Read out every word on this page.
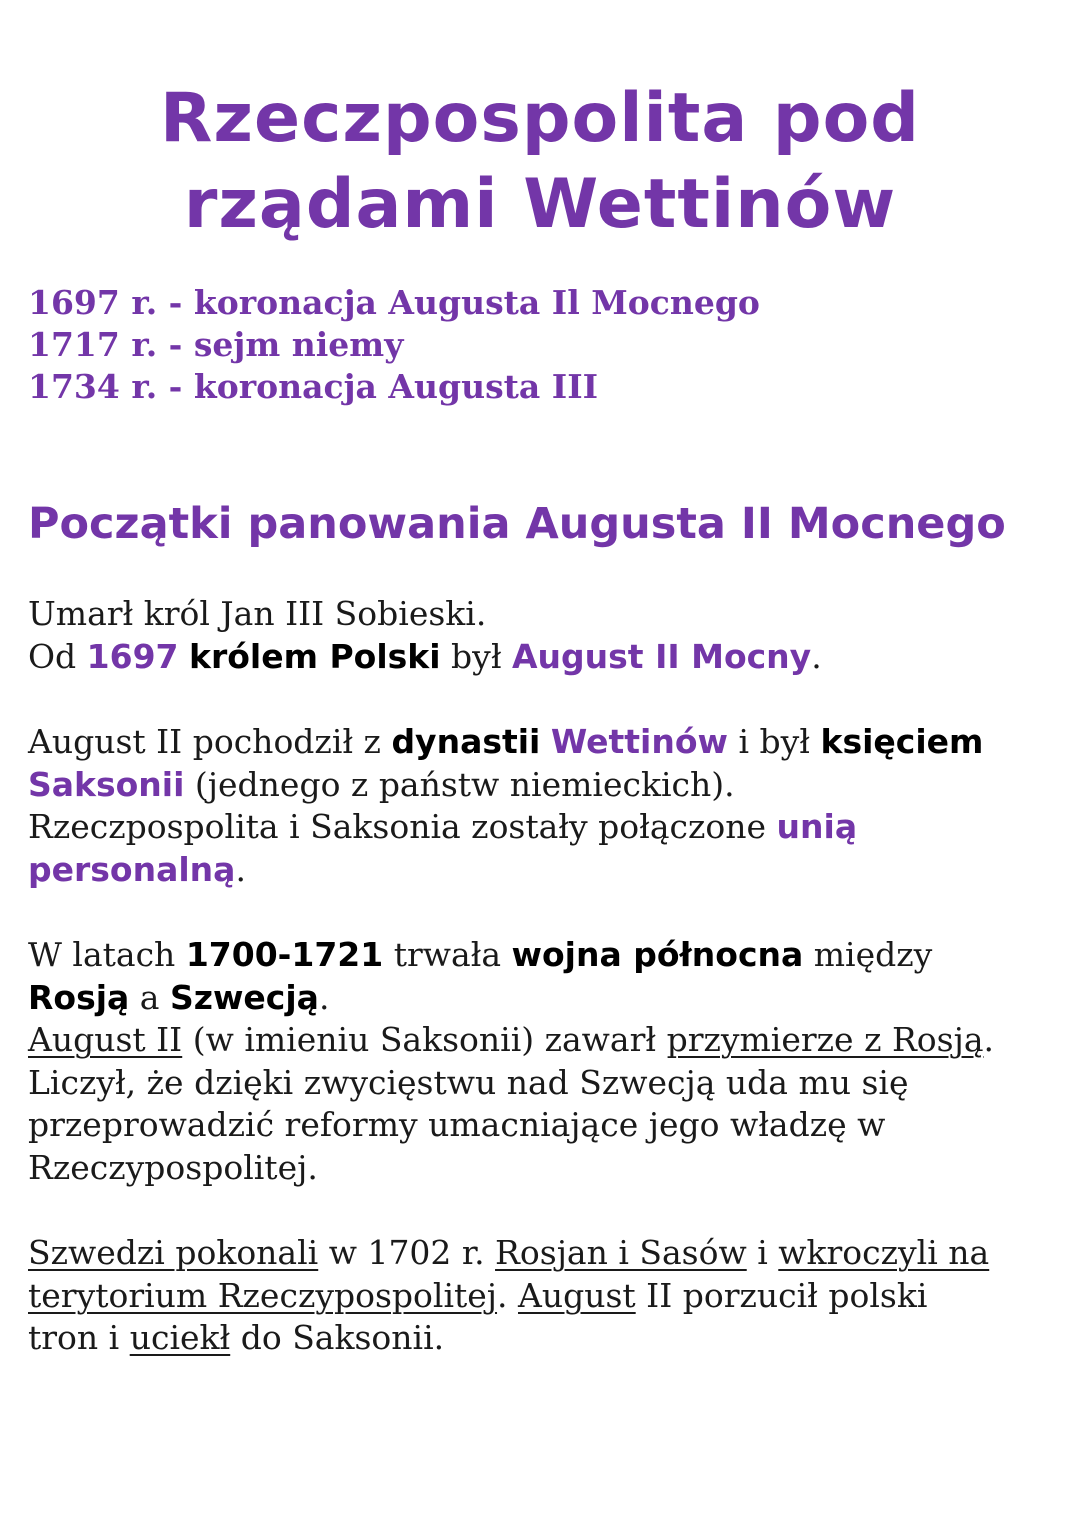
Rzeczpospolita pod
rządami Wettinów
1697 r. - koronacja Augusta Il Mocnego
1717 r. - sejm niemy
1734 r. - koronacja Augusta III
Początki panowania Augusta II Mocnego
Umarł król Jan III Sobieski.
Od 1697 królem Polski był August II Mocny.
August II pochodził z dynastii Wettinów i był księciem
Saksonii (jednego z państw niemieckich).
Rzeczpospolita i Saksonia zostały połączone unią
personalną.
W latach 1700-1721 trwała wojna północna między
Rosją a Szwecją.
August II (w imieniu Saksonii) zawarł przymierze z Rosją.
Liczył, że dzięki zwycięstwu nad Szwecją uda mu się
przeprowadzić reformy umacniające jego władzę w
Rzeczypospolitej.
Szwedzi pokonali w 1702 r. Rosjan i Sasów i wkroczyli na
terytorium Rzeczypospolitej. August II porzucił polski
tron i uciekł do Saksonii.
